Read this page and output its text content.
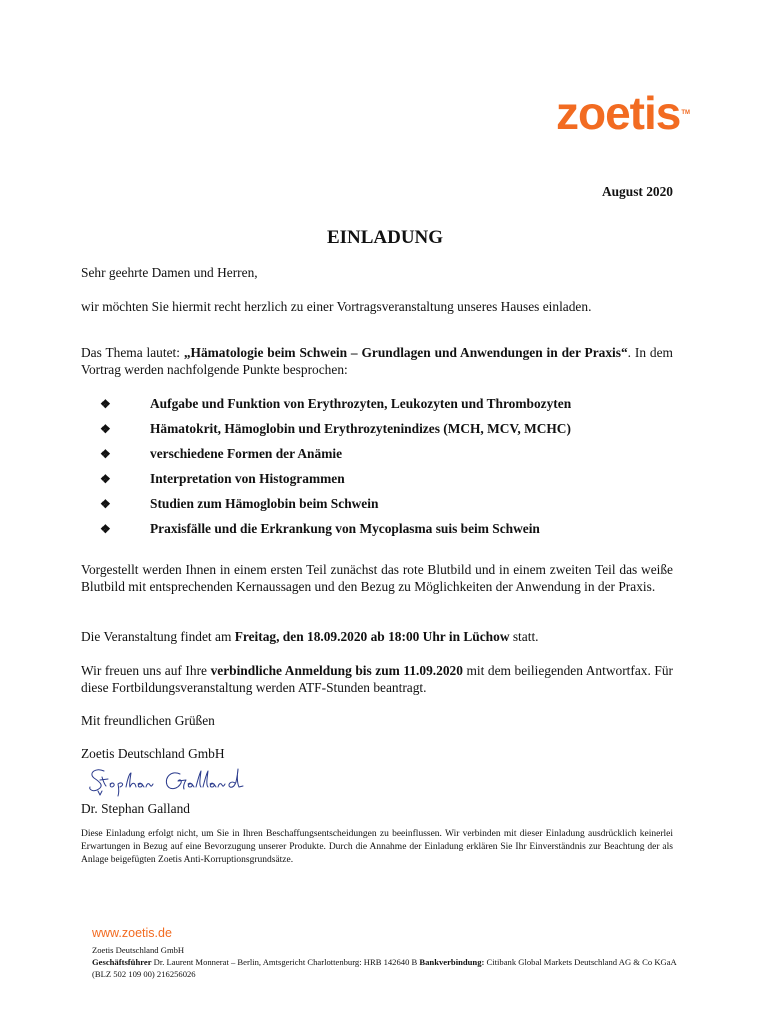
zoetis™
August 2020
EINLADUNG
Sehr geehrte Damen und Herren,
wir möchten Sie hiermit recht herzlich zu einer Vortragsveranstaltung unseres Hauses einladen.
Das Thema lautet: „Hämatologie beim Schwein – Grundlagen und Anwendungen in der Praxis“. In dem Vortrag werden nachfolgende Punkte besprochen:
❖	Aufgabe und Funktion von Erythrozyten, Leukozyten und Thrombozyten
❖	Hämatokrit, Hämoglobin und Erythrozytenindizes (MCH, MCV, MCHC)
❖	verschiedene Formen der Anämie
❖	Interpretation von Histogrammen
❖	Studien zum Hämoglobin beim Schwein
❖	Praxisfälle und die Erkrankung von Mycoplasma suis beim Schwein
Vorgestellt werden Ihnen in einem ersten Teil zunächst das rote Blutbild und in einem zweiten Teil das weiße Blutbild mit entsprechenden Kernaussagen und den Bezug zu Möglichkeiten der Anwendung in der Praxis.
Die Veranstaltung findet am Freitag, den 18.09.2020 ab 18:00 Uhr in Lüchow statt.
Wir freuen uns auf Ihre verbindliche Anmeldung bis zum 11.09.2020 mit dem beiliegenden Antwortfax. Für diese Fortbildungsveranstaltung werden ATF-Stunden beantragt.
Mit freundlichen Grüßen
Zoetis Deutschland GmbH
Dr. Stephan Galland
Diese Einladung erfolgt nicht, um Sie in Ihren Beschaffungsentscheidungen zu beeinflussen. Wir verbinden mit dieser Einladung ausdrücklich keinerlei Erwartungen in Bezug auf eine Bevorzugung unserer Produkte. Durch die Annahme der Einladung erklären Sie Ihr Einverständnis zur Beachtung der als Anlage beigefügten Zoetis Anti-Korruptionsgrundsätze.
www.zoetis.de
Zoetis Deutschland GmbH
Geschäftsführer Dr. Laurent Monnerat – Berlin, Amtsgericht Charlottenburg: HRB 142640 B Bankverbindung: Citibank Global Markets Deutschland AG & Co KGaA (BLZ 502 109 00) 216256026
